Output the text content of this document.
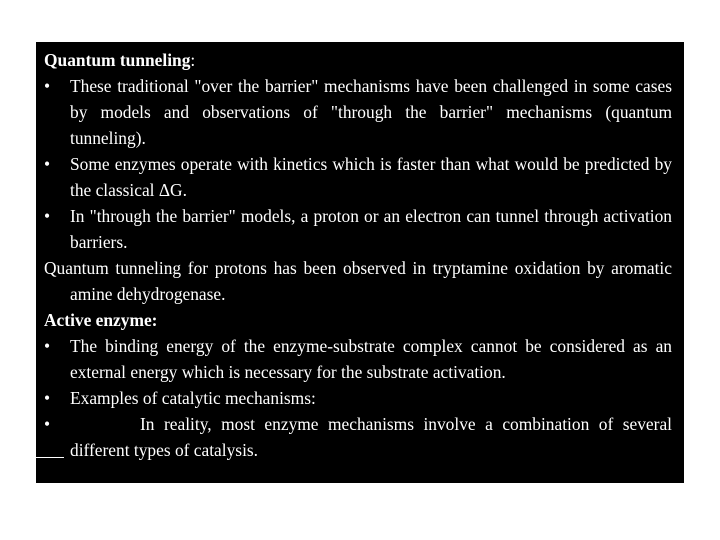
Quantum tunneling:
• These traditional "over the barrier" mechanisms have been challenged in some cases by models and observations of "through the barrier" mechanisms (quantum tunneling).
• Some enzymes operate with kinetics which is faster than what would be predicted by the classical ΔG.
• In "through the barrier" models, a proton or an electron can tunnel through activation barriers.
Quantum tunneling for protons has been observed in tryptamine oxidation by aromatic amine dehydrogenase.
Active enzyme:
• The binding energy of the enzyme-substrate complex cannot be considered as an external energy which is necessary for the substrate activation.
• Examples of catalytic mechanisms:
•	In reality, most enzyme mechanisms involve a combination of several different types of catalysis.
